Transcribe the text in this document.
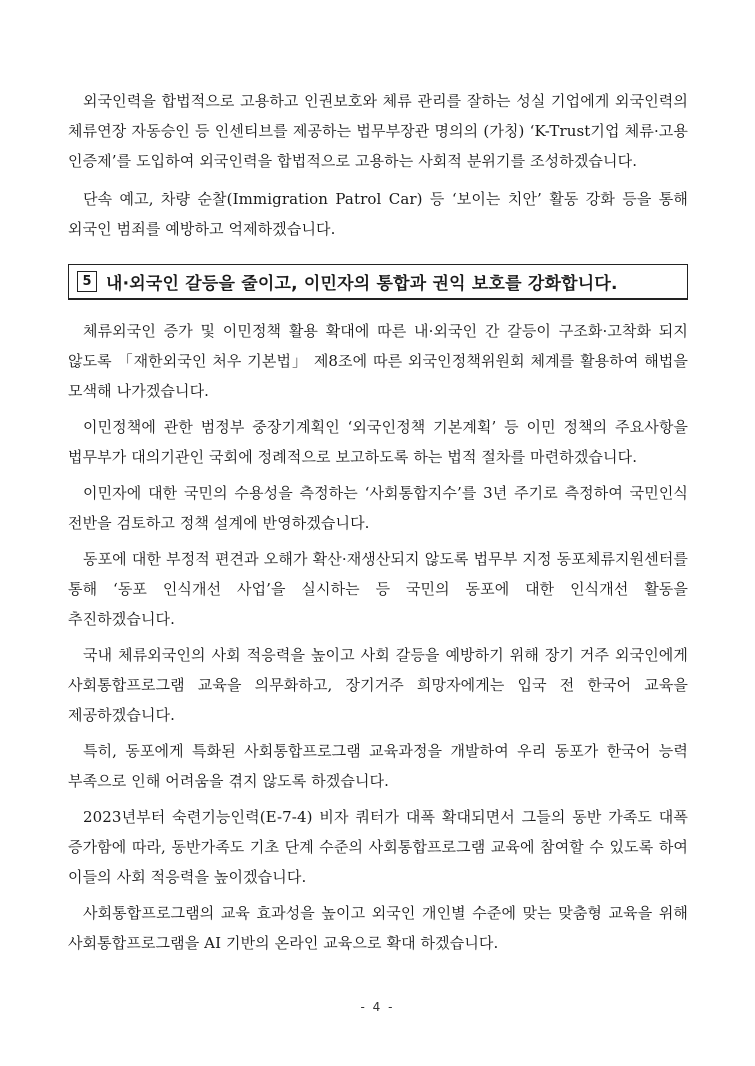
외국인력을 합법적으로 고용하고 인권보호와 체류 관리를 잘하는 성실 기업에게 외국인력의 체류연장 자동승인 등 인센티브를 제공하는 법무부장관 명의의 (가칭) ‘K-Trust기업 체류·고용 인증제’를 도입하여 외국인력을 합법적으로 고용하는 사회적 분위기를 조성하겠습니다.

단속 예고, 차량 순찰(Immigration Patrol Car) 등 ‘보이는 치안’ 활동 강화 등을 통해 외국인 범죄를 예방하고 억제하겠습니다.

5 내·외국인 갈등을 줄이고, 이민자의 통합과 권익 보호를 강화합니다.

체류외국인 증가 및 이민정책 활용 확대에 따른 내·외국인 간 갈등이 구조화·고착화 되지 않도록 「재한외국인 처우 기본법」 제8조에 따른 외국인정책위원회 체계를 활용하여 해법을 모색해 나가겠습니다.

이민정책에 관한 범정부 중장기계획인 ‘외국인정책 기본계획’ 등 이민 정책의 주요사항을 법무부가 대의기관인 국회에 정례적으로 보고하도록 하는 법적 절차를 마련하겠습니다.

이민자에 대한 국민의 수용성을 측정하는 ‘사회통합지수’를 3년 주기로 측정하여 국민인식 전반을 검토하고 정책 설계에 반영하겠습니다.

동포에 대한 부정적 편견과 오해가 확산·재생산되지 않도록 법무부 지정 동포체류지원센터를 통해 ‘동포 인식개선 사업’을 실시하는 등 국민의 동포에 대한 인식개선 활동을 추진하겠습니다.

국내 체류외국인의 사회 적응력을 높이고 사회 갈등을 예방하기 위해 장기 거주 외국인에게 사회통합프로그램 교육을 의무화하고, 장기거주 희망자에게는 입국 전 한국어 교육을 제공하겠습니다.

특히, 동포에게 특화된 사회통합프로그램 교육과정을 개발하여 우리 동포가 한국어 능력 부족으로 인해 어려움을 겪지 않도록 하겠습니다.

2023년부터 숙련기능인력(E-7-4) 비자 쿼터가 대폭 확대되면서 그들의 동반 가족도 대폭 증가함에 따라, 동반가족도 기초 단계 수준의 사회통합프로그램 교육에 참여할 수 있도록 하여 이들의 사회 적응력을 높이겠습니다.

사회통합프로그램의 교육 효과성을 높이고 외국인 개인별 수준에 맞는 맞춤형 교육을 위해 사회통합프로그램을 AI 기반의 온라인 교육으로 확대 하겠습니다.

- 4 -
